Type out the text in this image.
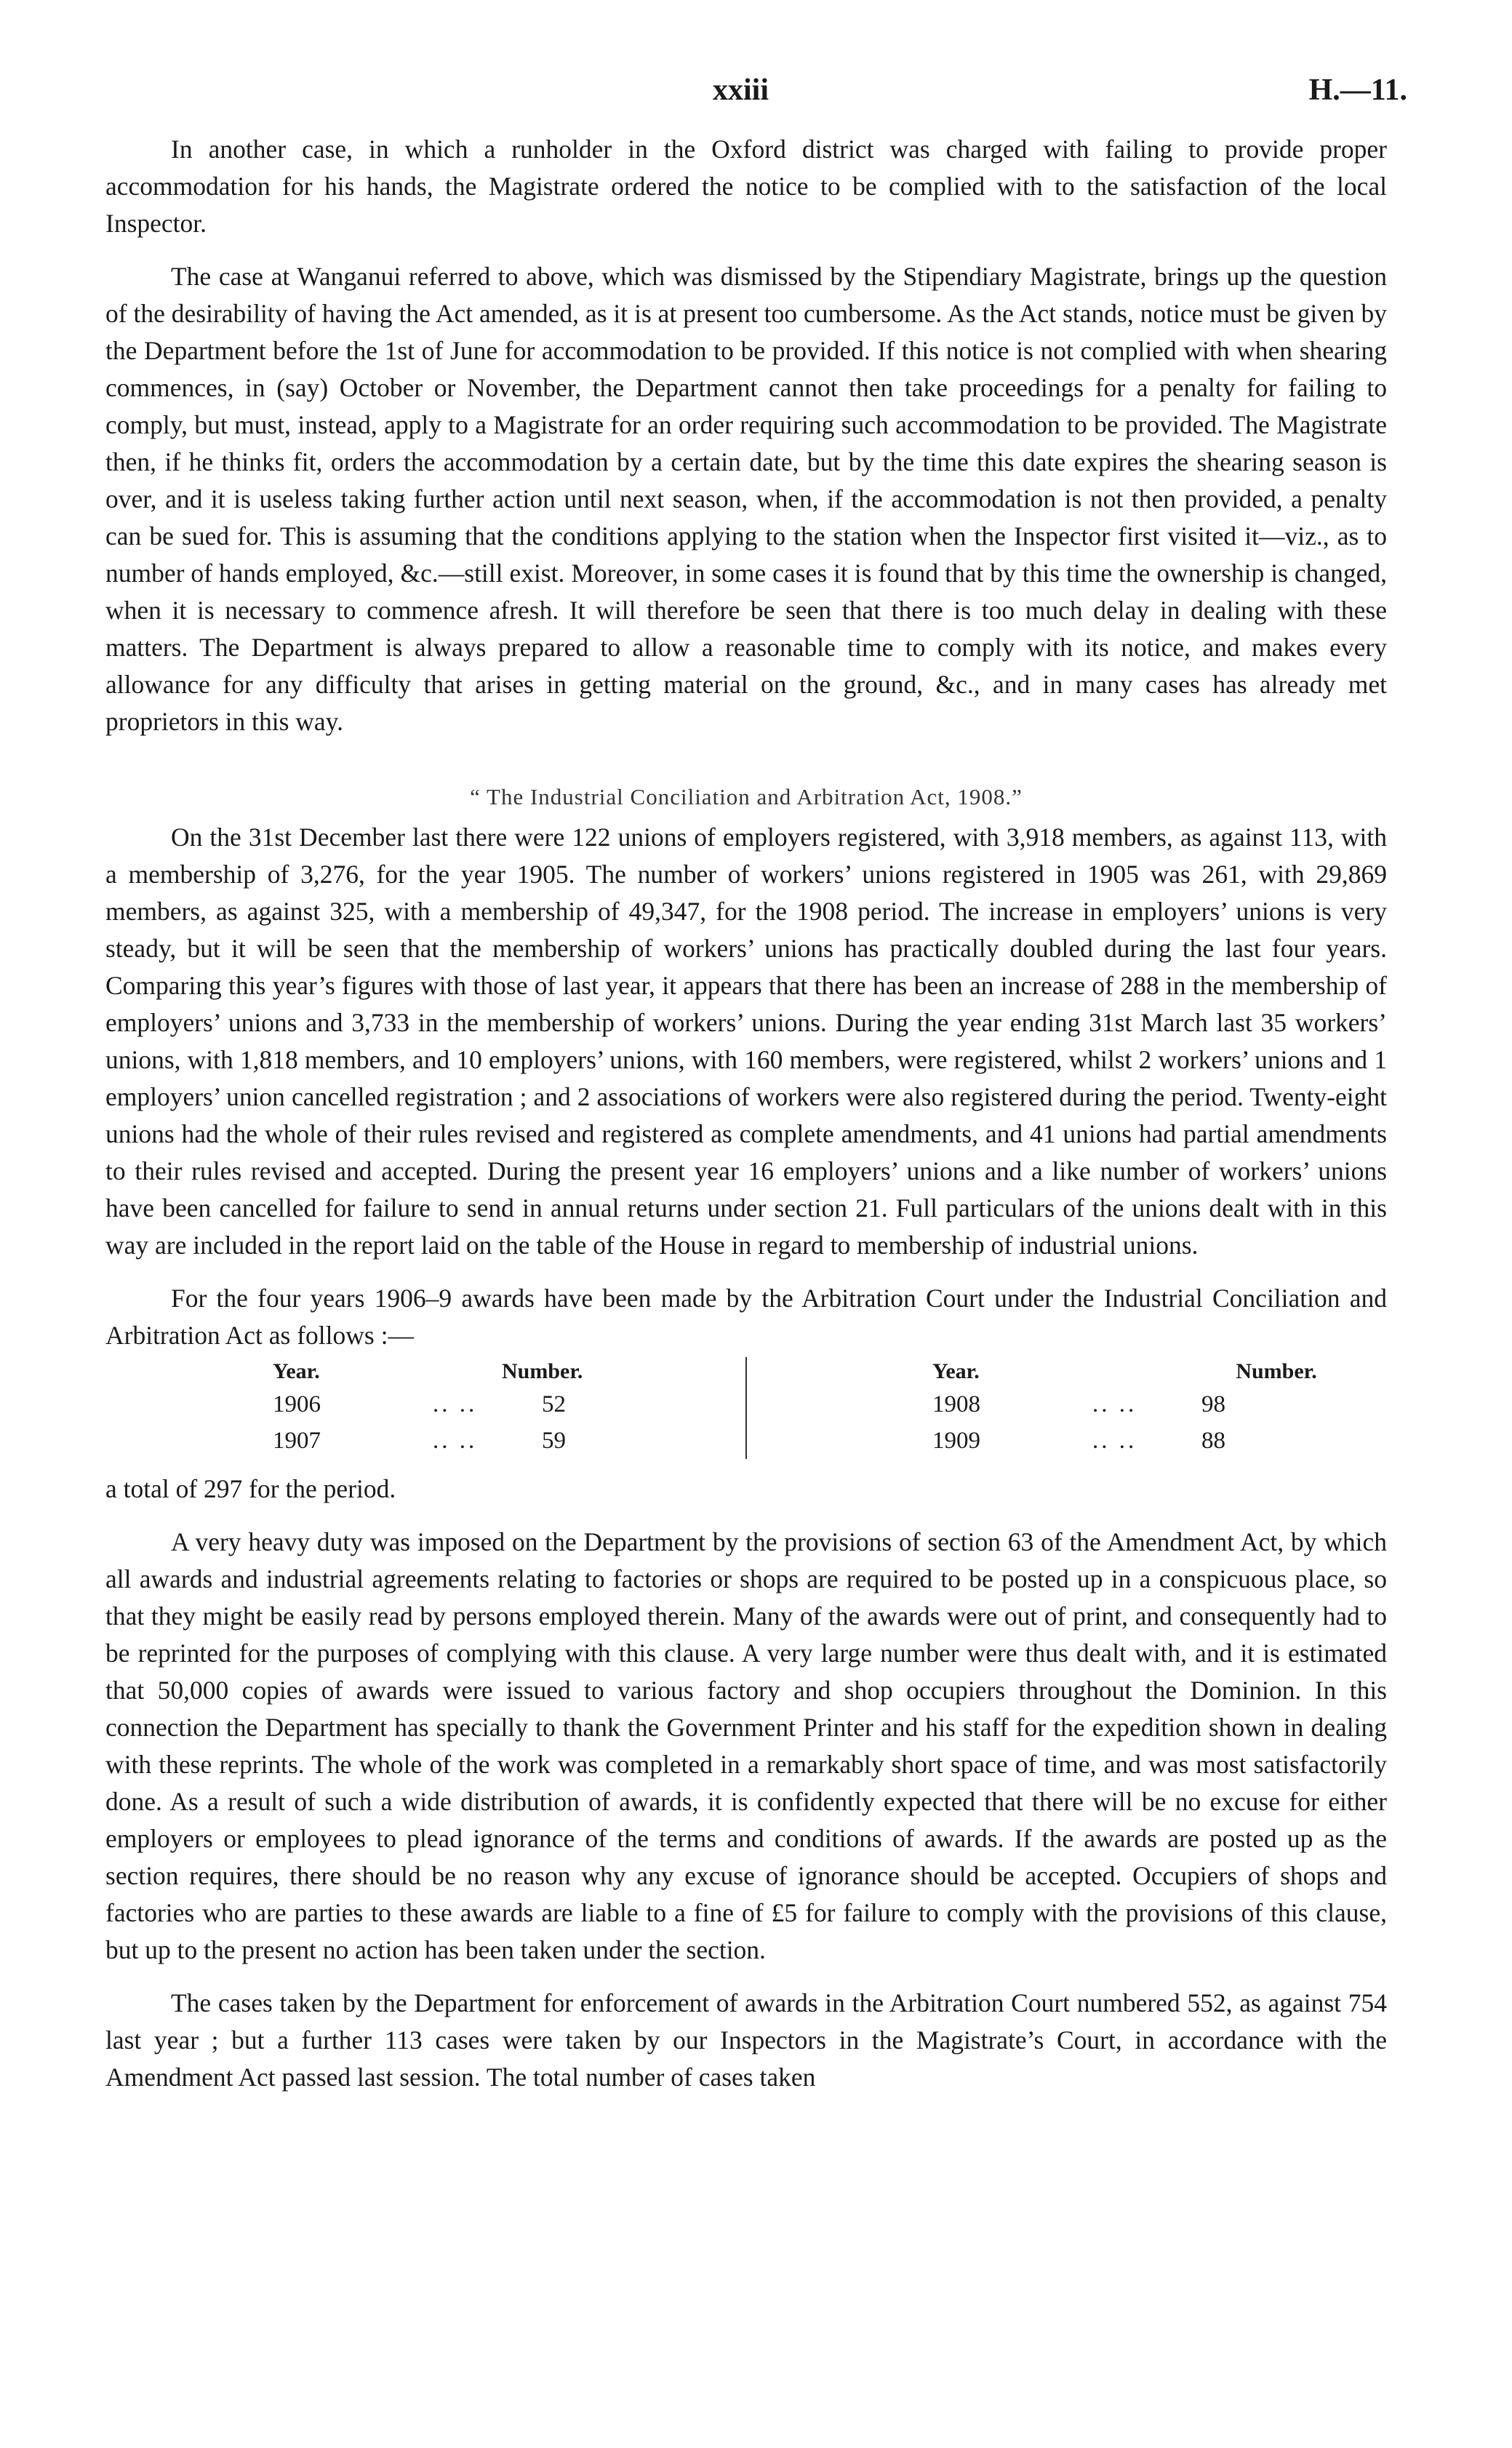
xxiii	H.—11.

In another case, in which a runholder in the Oxford district was charged with failing to provide proper accommodation for his hands, the Magistrate ordered the notice to be complied with to the satisfaction of the local Inspector.

The case at Wanganui referred to above, which was dismissed by the Stipendiary Magistrate, brings up the question of the desirability of having the Act amended, as it is at present too cumbersome. As the Act stands, notice must be given by the Department before the 1st of June for accommodation to be provided. If this notice is not complied with when shearing commences, in (say) October or November, the Department cannot then take proceedings for a penalty for failing to comply, but must, instead, apply to a Magistrate for an order requiring such accommodation to be provided. The Magistrate then, if he thinks fit, orders the accommodation by a certain date, but by the time this date expires the shearing season is over, and it is useless taking further action until next season, when, if the accommodation is not then provided, a penalty can be sued for. This is assuming that the conditions applying to the station when the Inspector first visited it—viz., as to number of hands employed, &c.—still exist. Moreover, in some cases it is found that by this time the ownership is changed, when it is necessary to commence afresh. It will therefore be seen that there is too much delay in dealing with these matters. The Department is always prepared to allow a reasonable time to comply with its notice, and makes every allowance for any difficulty that arises in getting material on the ground, &c., and in many cases has already met proprietors in this way.

“ The Industrial Conciliation and Arbitration Act, 1908.”

On the 31st December last there were 122 unions of employers registered, with 3,918 members, as against 113, with a membership of 3,276, for the year 1905. The number of workers’ unions registered in 1905 was 261, with 29,869 members, as against 325, with a membership of 49,347, for the 1908 period. The increase in employers’ unions is very steady, but it will be seen that the membership of workers’ unions has practically doubled during the last four years. Comparing this year’s figures with those of last year, it appears that there has been an increase of 288 in the membership of employers’ unions and 3,733 in the membership of workers’ unions. During the year ending 31st March last 35 workers’ unions, with 1,818 members, and 10 employers’ unions, with 160 members, were registered, whilst 2 workers’ unions and 1 employers’ union cancelled registration ; and 2 associations of workers were also registered during the period. Twenty-eight unions had the whole of their rules revised and registered as complete amendments, and 41 unions had partial amendments to their rules revised and accepted. During the present year 16 employers’ unions and a like number of workers’ unions have been cancelled for failure to send in annual returns under section 21. Full particulars of the unions dealt with in this way are included in the report laid on the table of the House in regard to membership of industrial unions.

For the four years 1906–9 awards have been made by the Arbitration Court under the Industrial Conciliation and Arbitration Act as follows :—

Year.	Number.
1906	.. ..	52
1907	.. ..	59
Year.	Number.
1908	.. ..	98
1909	.. ..	88

a total of 297 for the period.

A very heavy duty was imposed on the Department by the provisions of section 63 of the Amendment Act, by which all awards and industrial agreements relating to factories or shops are required to be posted up in a conspicuous place, so that they might be easily read by persons employed therein. Many of the awards were out of print, and consequently had to be reprinted for the purposes of complying with this clause. A very large number were thus dealt with, and it is estimated that 50,000 copies of awards were issued to various factory and shop occupiers throughout the Dominion. In this connection the Department has specially to thank the Government Printer and his staff for the expedition shown in dealing with these reprints. The whole of the work was completed in a remarkably short space of time, and was most satisfactorily done. As a result of such a wide distribution of awards, it is confidently expected that there will be no excuse for either employers or employees to plead ignorance of the terms and conditions of awards. If the awards are posted up as the section requires, there should be no reason why any excuse of ignorance should be accepted. Occupiers of shops and factories who are parties to these awards are liable to a fine of £5 for failure to comply with the provisions of this clause, but up to the present no action has been taken under the section.

The cases taken by the Department for enforcement of awards in the Arbitration Court numbered 552, as against 754 last year ; but a further 113 cases were taken by our Inspectors in the Magistrate’s Court, in accordance with the Amendment Act passed last session. The total number of cases taken
